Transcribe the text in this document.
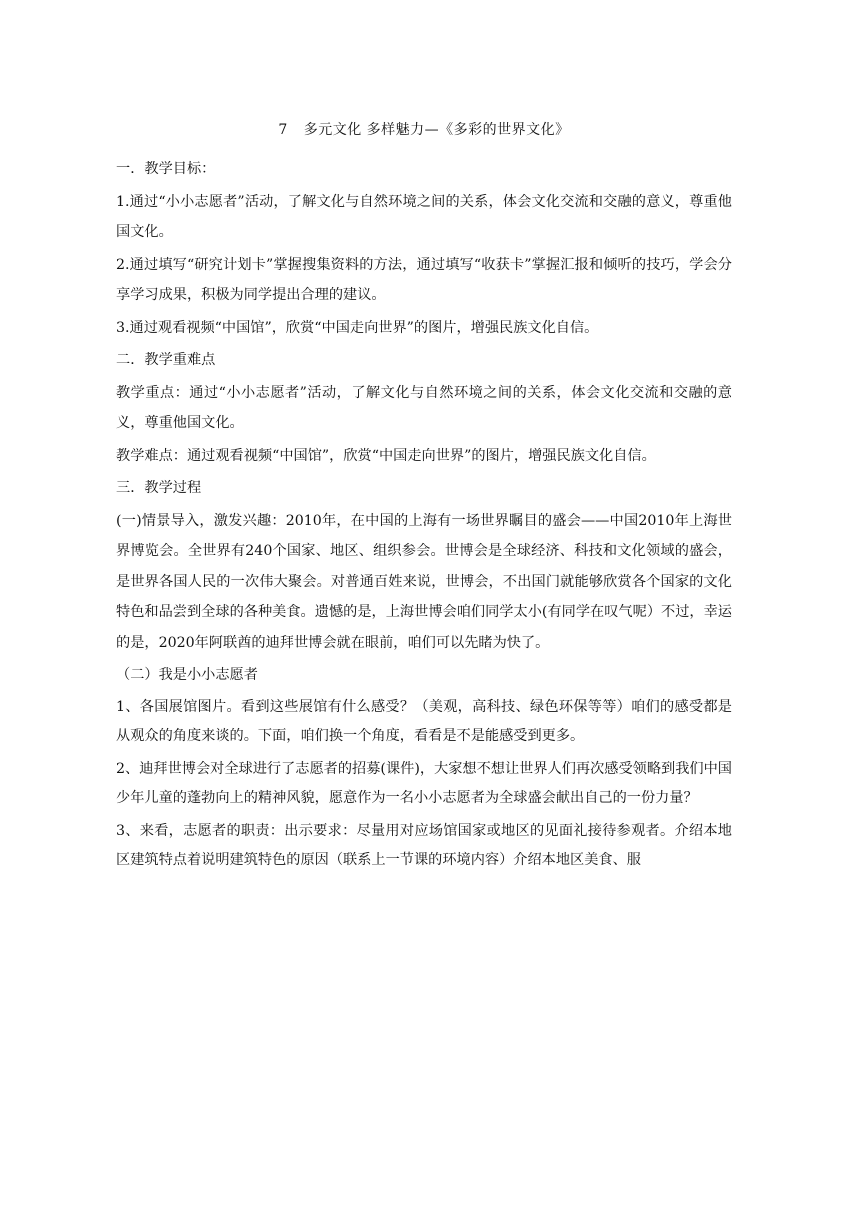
7 多元文化 多样魅力—《多彩的世界文化》
一．教学目标：
1.通过“小小志愿者”活动，了解文化与自然环境之间的关系，体会文化交流和交融的意义，尊重他国文化。
2.通过填写“研究计划卡”掌握搜集资料的方法，通过填写“收获卡”掌握汇报和倾听的技巧，学会分享学习成果，积极为同学提出合理的建议。
3.通过观看视频“中国馆”，欣赏“中国走向世界”的图片，增强民族文化自信。
二．教学重难点
教学重点：通过“小小志愿者”活动，了解文化与自然环境之间的关系，体会文化交流和交融的意义，尊重他国文化。
教学难点：通过观看视频“中国馆”，欣赏“中国走向世界”的图片，增强民族文化自信。
三．教学过程
(一)情景导入，激发兴趣：2010年，在中国的上海有一场世界瞩目的盛会——中国2010年上海世界博览会。全世界有240个国家、地区、组织参会。世博会是全球经济、科技和文化领域的盛会，是世界各国人民的一次伟大聚会。对普通百姓来说，世博会，不出国门就能够欣赏各个国家的文化特色和品尝到全球的各种美食。遗憾的是，上海世博会咱们同学太小(有同学在叹气呢）不过，幸运的是，2020年阿联酋的迪拜世博会就在眼前，咱们可以先睹为快了。
（二）我是小小志愿者
1、各国展馆图片。看到这些展馆有什么感受？（美观，高科技、绿色环保等等）咱们的感受都是从观众的角度来谈的。下面，咱们换一个角度，看看是不是能感受到更多。
2、迪拜世博会对全球进行了志愿者的招募(课件)，大家想不想让世界人们再次感受领略到我们中国少年儿童的蓬勃向上的精神风貌，愿意作为一名小小志愿者为全球盛会献出自己的一份力量？
3、来看，志愿者的职责：出示要求：尽量用对应场馆国家或地区的见面礼接待参观者。介绍本地区建筑特点着说明建筑特色的原因（联系上一节课的环境内容）介绍本地区美食、服
